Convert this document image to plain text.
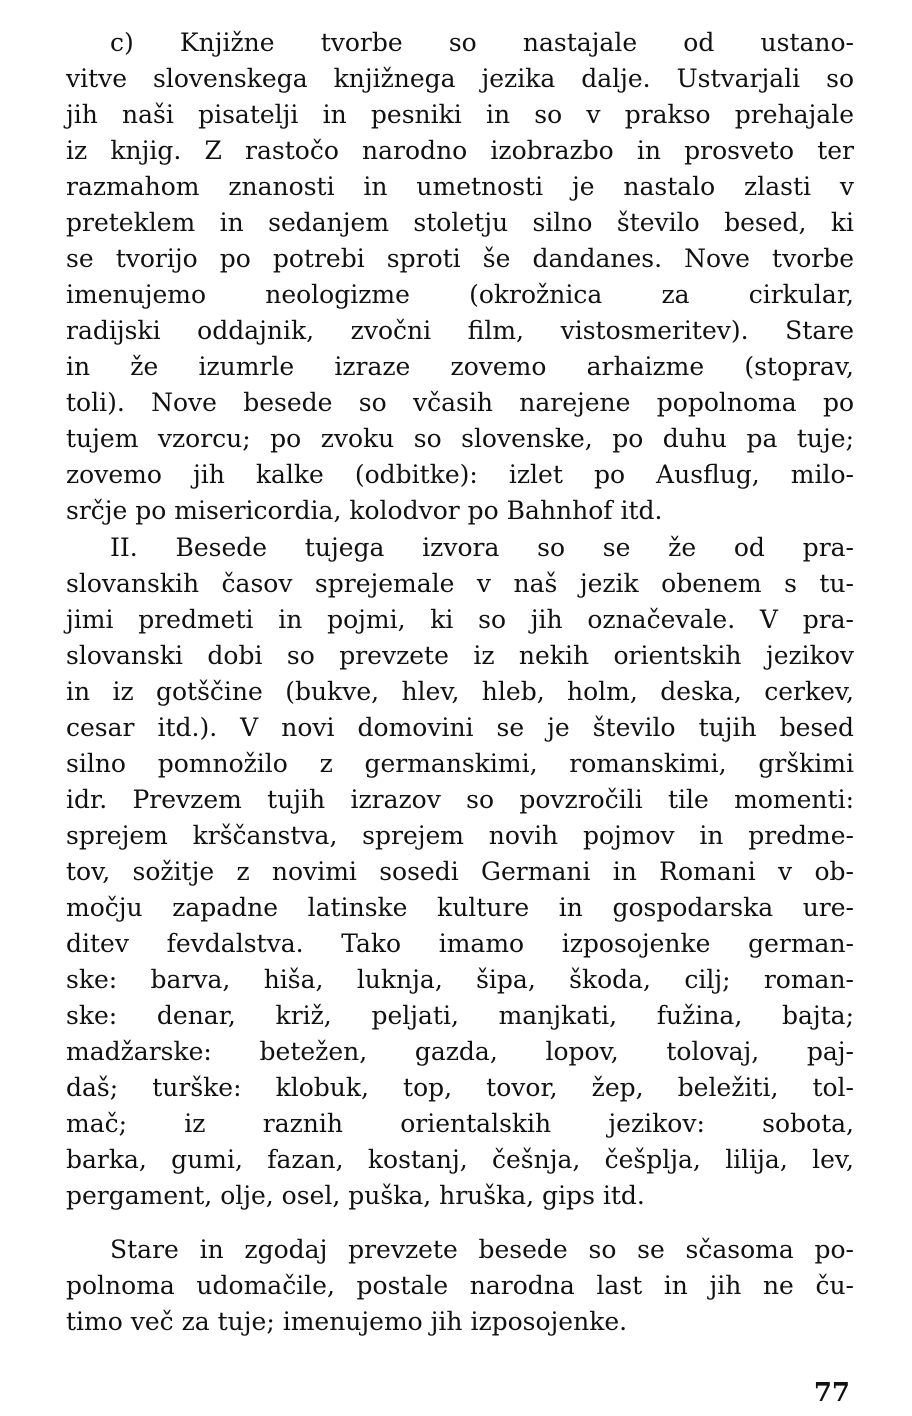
c) Knjižne tvorbe so nastajale od ustano-
vitve slovenskega knjižnega jezika dalje. Ustvarjali so
jih naši pisatelji in pesniki in so v prakso prehajale
iz knjig. Z rastočo narodno izobrazbo in prosveto ter
razmahom znanosti in umetnosti je nastalo zlasti v
preteklem in sedanjem stoletju silno število besed, ki
se tvorijo po potrebi sproti še dandanes. Nove tvorbe
imenujemo neologizme (okrožnica za cirkular,
radijski oddajnik, zvočni film, vistosmeritev). Stare
in že izumrle izraze zovemo arhaizme (stoprav,
toli). Nove besede so včasih narejene popolnoma po
tujem vzorcu; po zvoku so slovenske, po duhu pa tuje;
zovemo jih kalke (odbitke): izlet po Ausflug, milo-
srčje po misericordia, kolodvor po Bahnhof itd.
II. Besede tujega izvora so se že od pra-
slovanskih časov sprejemale v naš jezik obenem s tu-
jimi predmeti in pojmi, ki so jih označevale. V pra-
slovanski dobi so prevzete iz nekih orientskih jezikov
in iz gotščine (bukve, hlev, hleb, holm, deska, cerkev,
cesar itd.). V novi domovini se je število tujih besed
silno pomnožilo z germanskimi, romanskimi, grškimi
idr. Prevzem tujih izrazov so povzročili tile momenti:
sprejem krščanstva, sprejem novih pojmov in predme-
tov, sožitje z novimi sosedi Germani in Romani v ob-
močju zapadne latinske kulture in gospodarska ure-
ditev fevdalstva. Tako imamo izposojenke german-
ske: barva, hiša, luknja, šipa, škoda, cilj; roman-
ske: denar, križ, peljati, manjkati, fužina, bajta;
madžarske: betežen, gazda, lopov, tolovaj, paj-
daš; turške: klobuk, top, tovor, žep, beležiti, tol-
mač; iz raznih orientalskih jezikov: sobota,
barka, gumi, fazan, kostanj, češnja, češplja, lilija, lev,
pergament, olje, osel, puška, hruška, gips itd.
Stare in zgodaj prevzete besede so se sčasoma po-
polnoma udomačile, postale narodna last in jih ne ču-
timo več za tuje; imenujemo jih izposojenke.
77
